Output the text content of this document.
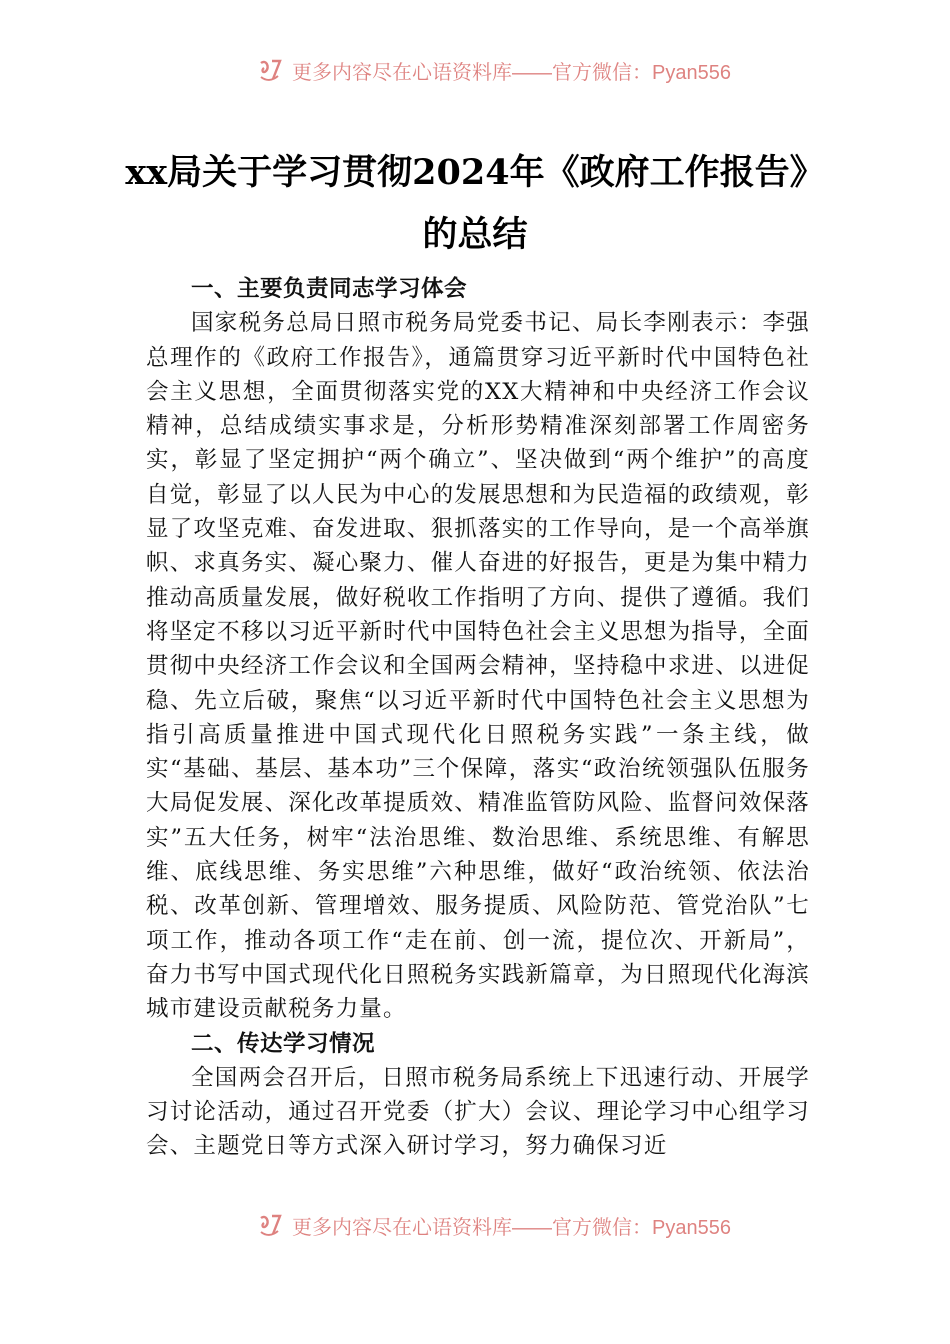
更多内容尽在心语资料库——官方微信：Pyan556
xx局关于学习贯彻2024年《政府工作报告》的总结
一、主要负责同志学习体会

国家税务总局日照市税务局党委书记、局长李刚表示：李强总理作的《政府工作报告》，通篇贯穿习近平新时代中国特色社会主义思想，全面贯彻落实党的XX大精神和中央经济工作会议精神，总结成绩实事求是，分析形势精准深刻部署工作周密务实，彰显了坚定拥护“两个确立”、坚决做到“两个维护”的高度自觉，彰显了以人民为中心的发展思想和为民造福的政绩观，彰显了攻坚克难、奋发进取、狠抓落实的工作导向，是一个高举旗帜、求真务实、凝心聚力、催人奋进的好报告，更是为集中精力推动高质量发展，做好税收工作指明了方向、提供了遵循。我们将坚定不移以习近平新时代中国特色社会主义思想为指导，全面贯彻中央经济工作会议和全国两会精神，坚持稳中求进、以进促稳、先立后破，聚焦“以习近平新时代中国特色社会主义思想为指引高质量推进中国式现代化日照税务实践”一条主线，做实“基础、基层、基本功”三个保障，落实“政治统领强队伍服务大局促发展、深化改革提质效、精准监管防风险、监督问效保落实”五大任务，树牢“法治思维、数治思维、系统思维、有解思维、底线思维、务实思维”六种思维，做好“政治统领、依法治税、改革创新、管理增效、服务提质、风险防范、管党治队”七项工作，推动各项工作“走在前、创一流，提位次、开新局”，奋力书写中国式现代化日照税务实践新篇章，为日照现代化海滨城市建设贡献税务力量。

二、传达学习情况

全国两会召开后，日照市税务局系统上下迅速行动、开展学习讨论活动，通过召开党委（扩大）会议、理论学习中心组学习会、主题党日等方式深入研讨学习，努力确保习近

更多内容尽在心语资料库——官方微信：Pyan556
